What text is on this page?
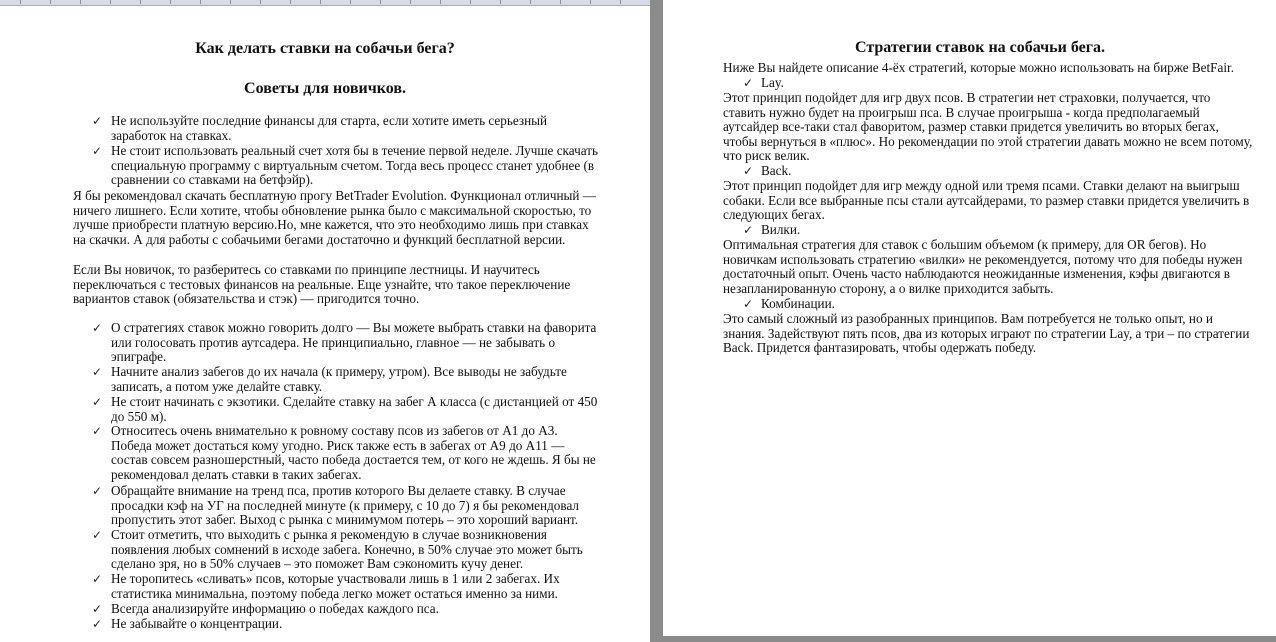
Как делать ставки на собачьи бега?
Советы для новичков.
✓ Не используйте последние финансы для старта, если хотите иметь серьезный
заработок на ставках.
✓ Не стоит использовать реальный счет хотя бы в течение первой неделе. Лучше скачать
специальную программу с виртуальным счетом. Тогда весь процесс станет удобнее (в
сравнении со ставками на бетфэйр).
Я бы рекомендовал скачать бесплатную прогу BetTrader Evolution. Функционал отличный —
ничего лишнего. Если хотите, чтобы обновление рынка было с максимальной скоростью, то
лучше приобрести платную версию.Но, мне кажется, что это необходимо лишь при ставках
на скачки. А для работы с собачьими бегами достаточно и функций бесплатной версии.
Если Вы новичок, то разберитесь со ставками по принципе лестницы. И научитесь
переключаться с тестовых финансов на реальные. Еще узнайте, что такое переключение
вариантов ставок (обязательства и стэк) — пригодится точно.
✓ О стратегиях ставок можно говорить долго — Вы можете выбрать ставки на фаворита
или голосовать против аутсадера. Не принципиально, главное — не забывать о
эпиграфе.
✓ Начните анализ забегов до их начала (к примеру, утром). Все выводы не забудьте
записать, а потом уже делайте ставку.
✓ Не стоит начинать с экзотики. Сделайте ставку на забег А класса (с дистанцией от 450
до 550 м).
✓ Относитесь очень внимательно к ровному составу псов из забегов от А1 до А3.
Победа может достаться кому угодно. Риск также есть в забегах от А9 до А11 —
состав совсем разношерстный, часто победа достается тем, от кого не ждешь. Я бы не
рекомендовал делать ставки в таких забегах.
✓ Обращайте внимание на тренд пса, против которого Вы делаете ставку. В случае
просадки кэф на УГ на последней минуте (к примеру, с 10 до 7) я бы рекомендовал
пропустить этот забег. Выход с рынка с минимумом потерь – это хороший вариант.
✓ Стоит отметить, что выходить с рынка я рекомендую в случае возникновения
появления любых сомнений в исходе забега. Конечно, в 50% случае это может быть
сделано зря, но в 50% случаев – это поможет Вам сэкономить кучу денег.
✓ Не торопитесь «сливать» псов, которые участвовали лишь в 1 или 2 забегах. Их
статистика минимальна, поэтому победа легко может остаться именно за ними.
✓ Всегда анализируйте информацию о победах каждого пса.
✓ Не забывайте о концентрации.
Стратегии ставок на собачьи бега.
Ниже Вы найдете описание 4-ёх стратегий, которые можно использовать на бирже BetFair.
✓ Lay.
Этот принцип подойдет для игр двух псов. В стратегии нет страховки, получается, что
ставить нужно будет на проигрыш пса. В случае проигрыша - когда предполагаемый
аутсайдер все-таки стал фаворитом, размер ставки придется увеличить во вторых бегах,
чтобы вернуться в «плюс». Но рекомендации по этой стратегии давать можно не всем потому,
что риск велик.
✓ Back.
Этот принцип подойдет для игр между одной или тремя псами. Ставки делают на выигрыш
собаки. Если все выбранные псы стали аутсайдерами, то размер ставки придется увеличить в
следующих бегах.
✓ Вилки.
Оптимальная стратегия для ставок с большим объемом (к примеру, для OR бегов). Но
новичкам использовать стратегию «вилки» не рекомендуется, потому что для победы нужен
достаточный опыт. Очень часто наблюдаются неожиданные изменения, кэфы двигаются в
незапланированную сторону, а о вилке приходится забыть.
✓ Комбинации.
Это самый сложный из разобранных принципов. Вам потребуется не только опыт, но и
знания. Задействуют пять псов, два из которых играют по стратегии Lay, а три – по стратегии
Back. Придется фантазировать, чтобы одержать победу.
